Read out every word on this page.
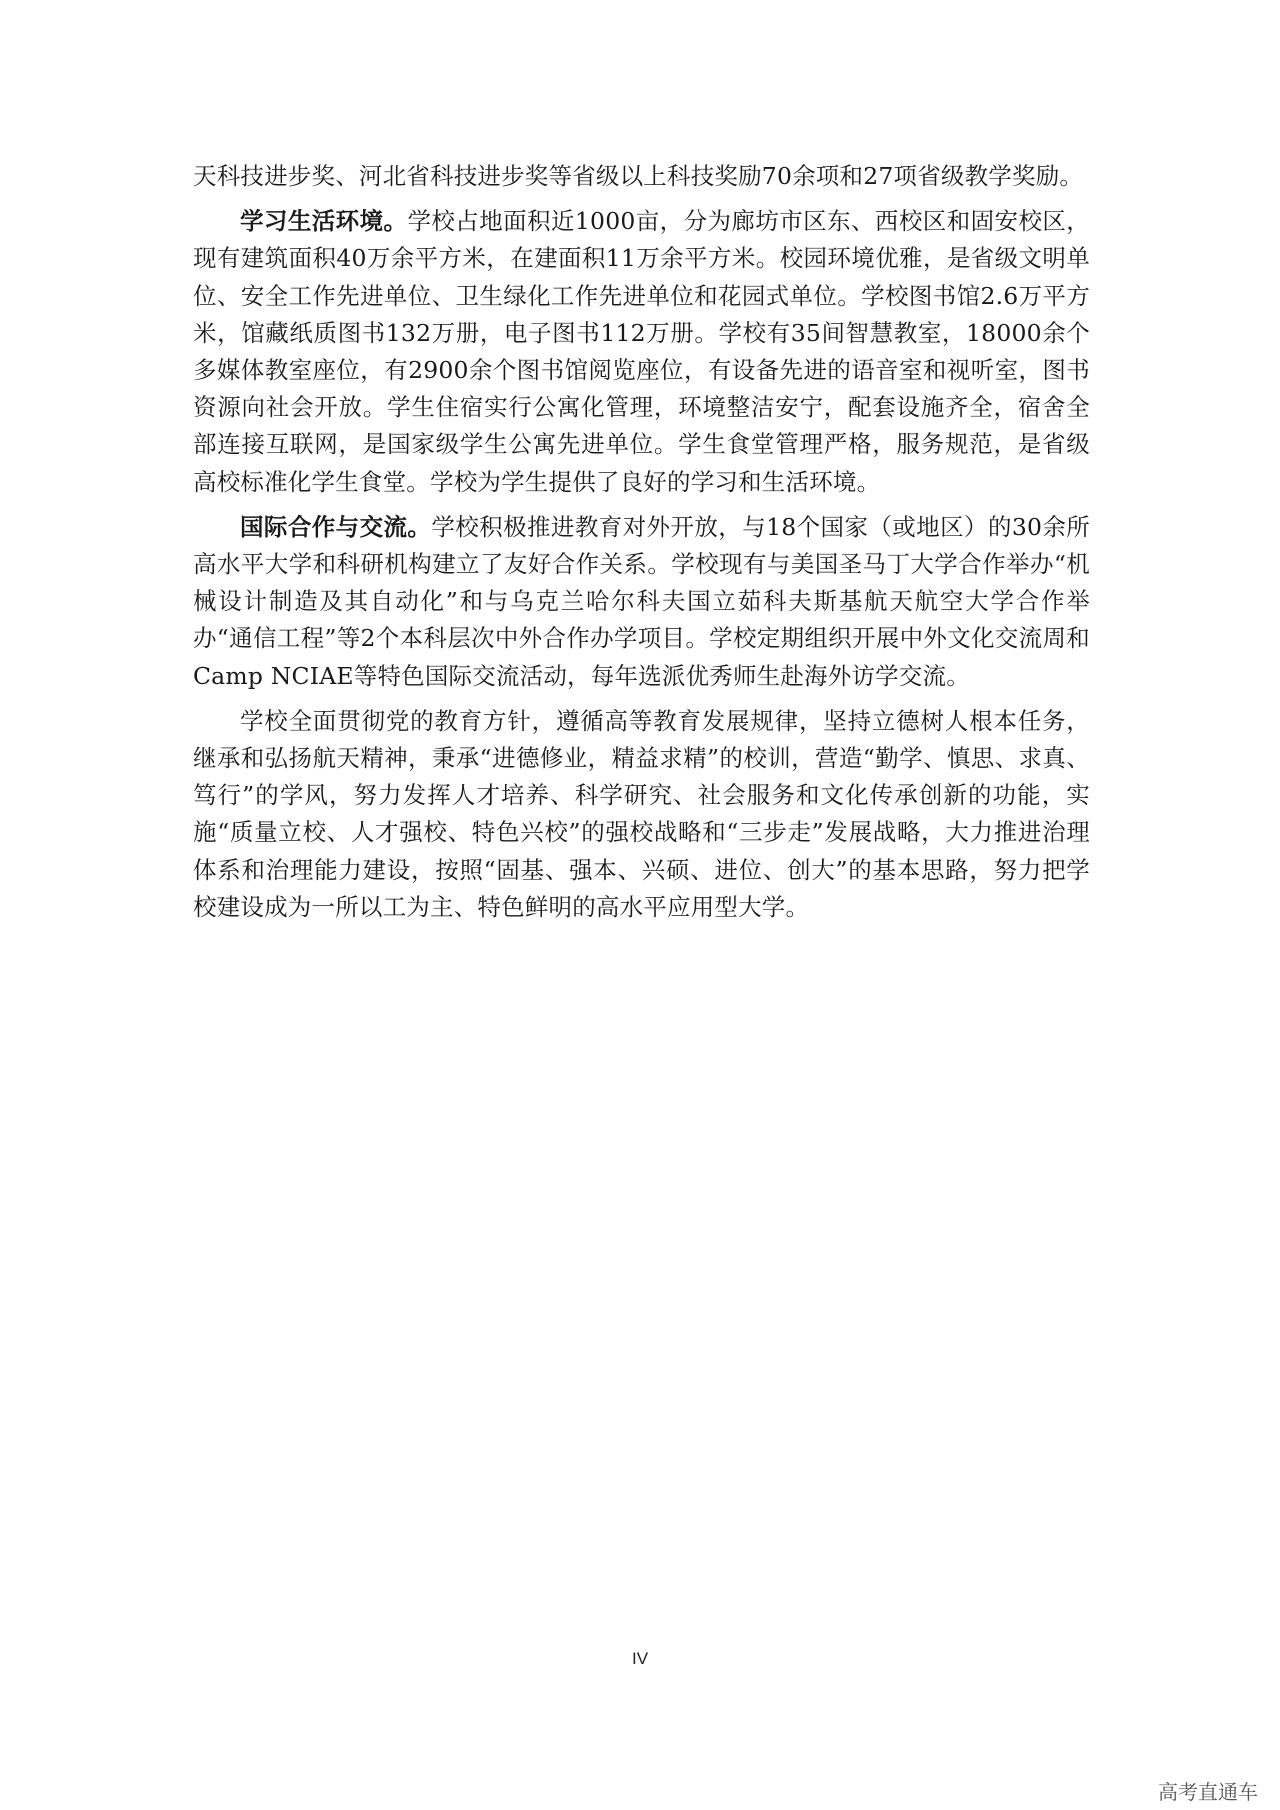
天科技进步奖、河北省科技进步奖等省级以上科技奖励70余项和27项省级教学奖励。

学习生活环境。学校占地面积近1000亩，分为廊坊市区东、西校区和固安校区，现有建筑面积40万余平方米，在建面积11万余平方米。校园环境优雅，是省级文明单位、安全工作先进单位、卫生绿化工作先进单位和花园式单位。学校图书馆2.6万平方米，馆藏纸质图书132万册，电子图书112万册。学校有35间智慧教室，18000余个多媒体教室座位，有2900余个图书馆阅览座位，有设备先进的语音室和视听室，图书资源向社会开放。学生住宿实行公寓化管理，环境整洁安宁，配套设施齐全，宿舍全部连接互联网，是国家级学生公寓先进单位。学生食堂管理严格，服务规范，是省级高校标准化学生食堂。学校为学生提供了良好的学习和生活环境。

国际合作与交流。学校积极推进教育对外开放，与18个国家（或地区）的30余所高水平大学和科研机构建立了友好合作关系。学校现有与美国圣马丁大学合作举办“机械设计制造及其自动化”和与乌克兰哈尔科夫国立茹科夫斯基航天航空大学合作举办“通信工程”等2个本科层次中外合作办学项目。学校定期组织开展中外文化交流周和Camp NCIAE等特色国际交流活动，每年选派优秀师生赴海外访学交流。

学校全面贯彻党的教育方针，遵循高等教育发展规律，坚持立德树人根本任务，继承和弘扬航天精神，秉承“进德修业，精益求精”的校训，营造“勤学、慎思、求真、笃行”的学风，努力发挥人才培养、科学研究、社会服务和文化传承创新的功能，实施“质量立校、人才强校、特色兴校”的强校战略和“三步走”发展战略，大力推进治理体系和治理能力建设，按照“固基、强本、兴硕、进位、创大”的基本思路，努力把学校建设成为一所以工为主、特色鲜明的高水平应用型大学。

IV
高考直通车
